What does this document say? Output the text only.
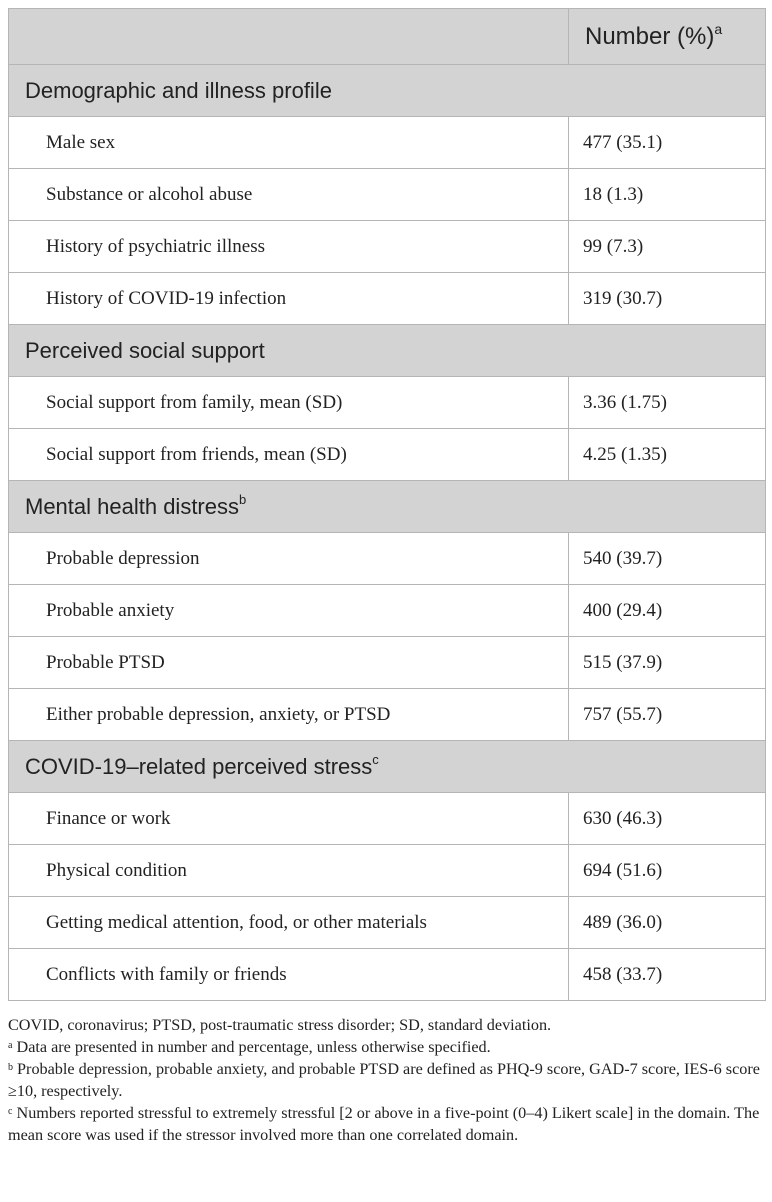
	Number (%)$^a$
Demographic and illness profile	
Male sex	477 (35.1)
Substance or alcohol abuse	18 (1.3)
History of psychiatric illness	99 (7.3)
History of COVID-19 infection	319 (30.7)
Perceived social support	
Social support from family, mean (SD)	3.36 (1.75)
Social support from friends, mean (SD)	4.25 (1.35)
Mental health distress$^b$
Probable depression	540 (39.7)
Probable anxiety	400 (29.4)
Probable PTSD	515 (37.9)
Either probable depression, anxiety, or PTSD	757 (55.7)
COVID-19–related perceived stress$^c$
Finance or work	630 (46.3)
Physical condition	694 (51.6)
Getting medical attention, food, or other materials	489 (36.0)
Conflicts with family or friends	458 (33.7)

COVID, coronavirus; PTSD, post-traumatic stress disorder; SD, standard deviation.

$^a$ Data are presented in number and percentage, unless otherwise specified.

$^b$ Probable depression, probable anxiety, and probable PTSD are defined as PHQ-9 score, GAD-7 score, IES-6 score ≥10, respectively.

$^c$ Numbers reported stressful to extremely stressful [2 or above in a five-point (0–4) Likert scale] in the domain. The mean score was used if the stressor involved more than one correlated domain.
